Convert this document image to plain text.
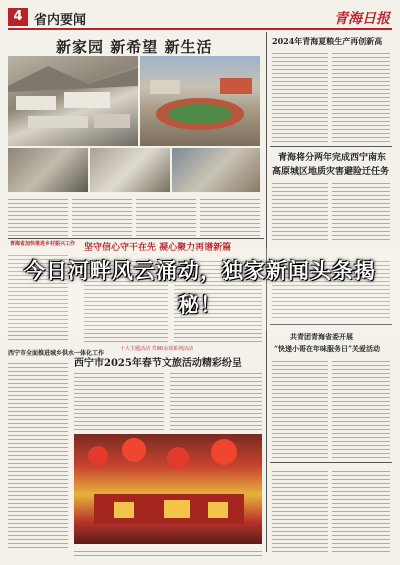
4 省内要闻	青海日报
新家园 新希望 新生活	2024年青海夏粮生产再创新高
青海将分两年完成西宁南东
高原城区地质灾害避险迁任务
坚守信心守干在先 凝心聚力再谱新篇
青海省加快推进乡村振兴工作
十大主题活动 共90余项系列活动
西宁市2025年春节文旅活动精彩纷呈
西宁市全面推进城乡供水一体化工作
共青团青海省委开展
“快递小哥在年味服务日”关爱活动
今日河畔风云涌动，独家新闻头条揭秘！
